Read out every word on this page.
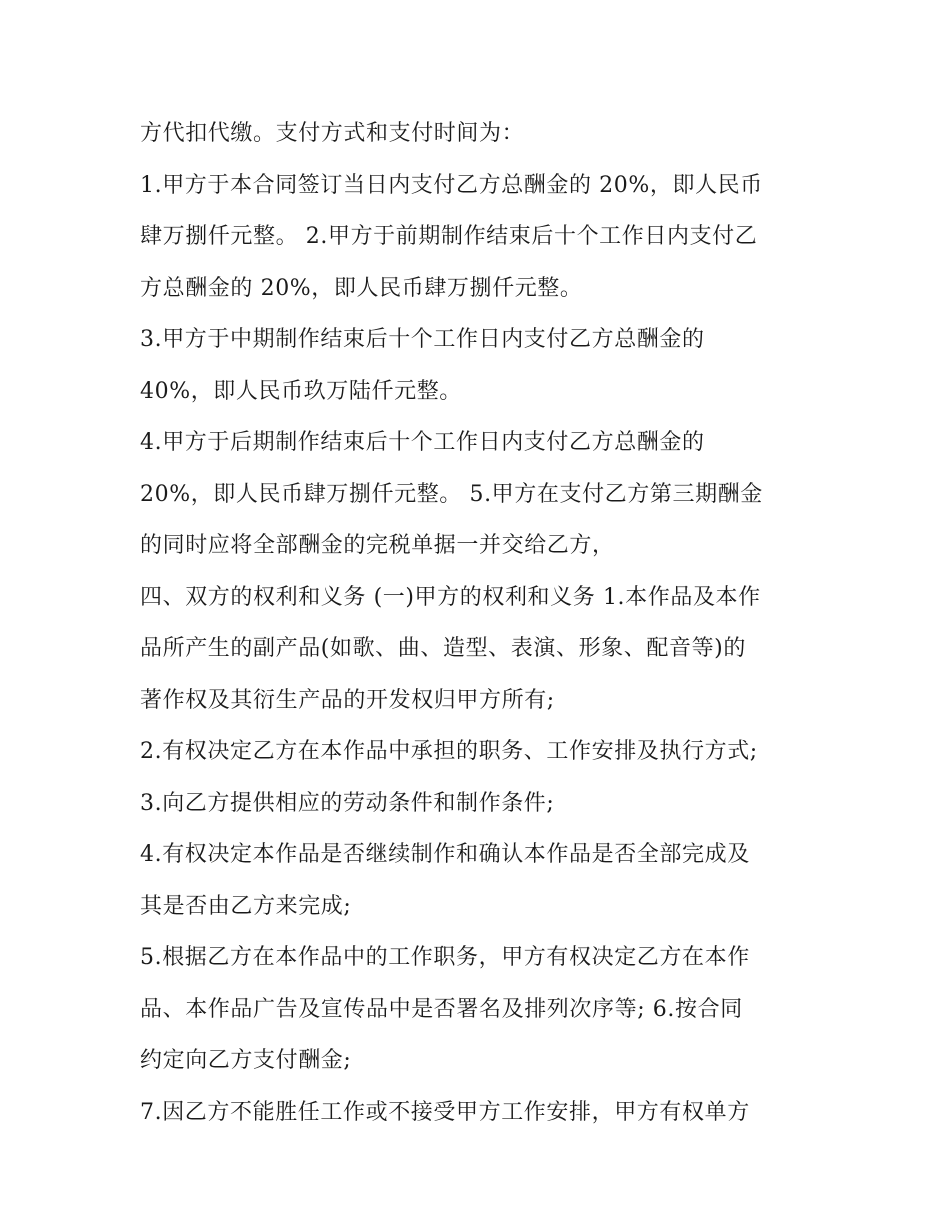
方代扣代缴。支付方式和支付时间为：
1.甲方于本合同签订当日内支付乙方总酬金的 20%，即人民币
肆万捌仟元整。 2.甲方于前期制作结束后十个工作日内支付乙
方总酬金的 20%，即人民币肆万捌仟元整。
3.甲方于中期制作结束后十个工作日内支付乙方总酬金的
40%，即人民币玖万陆仟元整。
4.甲方于后期制作结束后十个工作日内支付乙方总酬金的
20%，即人民币肆万捌仟元整。 5.甲方在支付乙方第三期酬金
的同时应将全部酬金的完税单据一并交给乙方，
四、双方的权利和义务 (一)甲方的权利和义务 1.本作品及本作
品所产生的副产品(如歌、曲、造型、表演、形象、配音等)的
著作权及其衍生产品的开发权归甲方所有;
2.有权决定乙方在本作品中承担的职务、工作安排及执行方式;
3.向乙方提供相应的劳动条件和制作条件;
4.有权决定本作品是否继续制作和确认本作品是否全部完成及
其是否由乙方来完成;
5.根据乙方在本作品中的工作职务，甲方有权决定乙方在本作
品、本作品广告及宣传品中是否署名及排列次序等; 6.按合同
约定向乙方支付酬金;
7.因乙方不能胜任工作或不接受甲方工作安排，甲方有权单方
